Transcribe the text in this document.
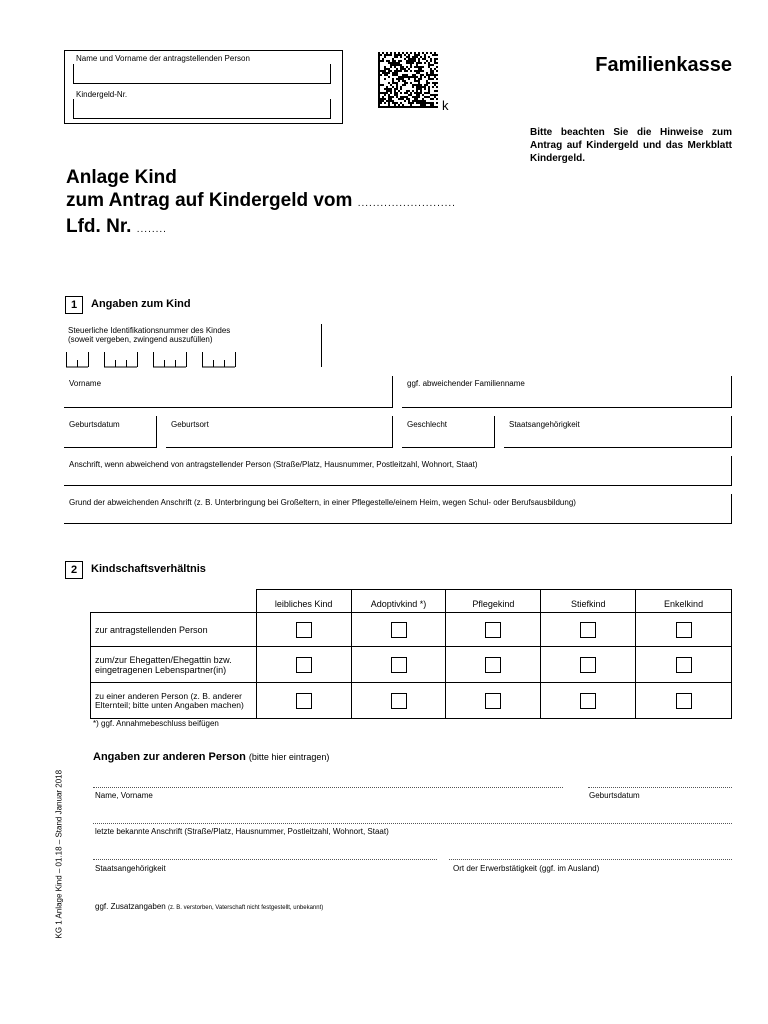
Name und Vorname der antragstellenden Person
Kindergeld-Nr.
k
Familienkasse
Bitte beachten Sie die Hinweise zum Antrag auf Kindergeld und das Merkblatt Kindergeld.
Anlage Kind
zum Antrag auf Kindergeld vom ..........................
Lfd. Nr. ........
1	Angaben zum Kind
Steuerliche Identifikationsnummer des Kindes
(soweit vergeben, zwingend auszufüllen)
Vorname	ggf. abweichender Familienname
Geburtsdatum	Geburtsort	Geschlecht	Staatsangehörigkeit
Anschrift, wenn abweichend von antragstellender Person (Straße/Platz, Hausnummer, Postleitzahl, Wohnort, Staat)
Grund der abweichenden Anschrift (z. B. Unterbringung bei Großeltern, in einer Pflegestelle/einem Heim, wegen Schul- oder Berufsausbildung)
2	Kindschaftsverhältnis
	leibliches Kind	Adoptivkind *)	Pflegekind	Stiefkind	Enkelkind
zur antragstellenden Person	

zum/zur Ehegatten/Ehegattin bzw. eingetragenen Lebenspartner(in)	

zu einer anderen Person (z. B. anderer Elternteil; bitte unten Angaben machen)	

*) ggf. Annahmebeschluss beifügen
Angaben zur anderen Person (bitte hier eintragen)
Name, Vorname	Geburtsdatum
letzte bekannte Anschrift (Straße/Platz, Hausnummer, Postleitzahl, Wohnort, Staat)
Staatsangehörigkeit	Ort der Erwerbstätigkeit (ggf. im Ausland)
ggf. Zusatzangaben (z. B. verstorben, Vaterschaft nicht festgestellt, unbekannt)
KG 1 Anlage Kind – 01.18 – Stand Januar 2018
